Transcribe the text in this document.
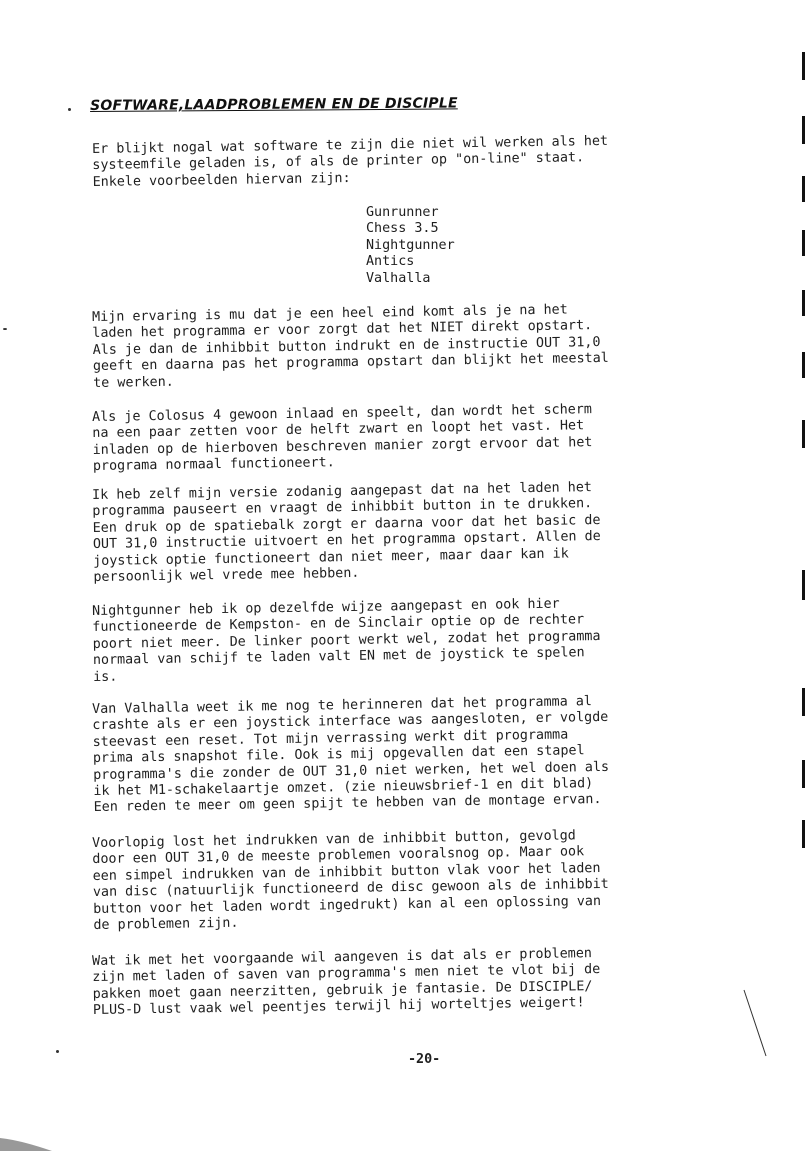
SOFTWARE,LAADPROBLEMEN EN DE DISCIPLE
Er blijkt nogal wat software te zijn die niet wil werken als het
systeemfile geladen is, of als de printer op "on-line" staat.
Enkele voorbeelden hiervan zijn:
Gunrunner
Chess 3.5
Nightgunner
Antics
Valhalla
Mijn ervaring is mu dat je een heel eind komt als je na het
laden het programma er voor zorgt dat het NIET direkt opstart.
Als je dan de inhibbit button indrukt en de instructie OUT 31,0
geeft en daarna pas het programma opstart dan blijkt het meestal
te werken.
Als je Colosus 4 gewoon inlaad en speelt, dan wordt het scherm
na een paar zetten voor de helft zwart en loopt het vast. Het
inladen op de hierboven beschreven manier zorgt ervoor dat het
programa normaal functioneert.
Ik heb zelf mijn versie zodanig aangepast dat na het laden het
programma pauseert en vraagt de inhibbit button in te drukken.
Een druk op de spatiebalk zorgt er daarna voor dat het basic de
OUT 31,0 instructie uitvoert en het programma opstart. Allen de
joystick optie functioneert dan niet meer, maar daar kan ik
persoonlijk wel vrede mee hebben.
Nightgunner heb ik op dezelfde wijze aangepast en ook hier
functioneerde de Kempston- en de Sinclair optie op de rechter
poort niet meer. De linker poort werkt wel, zodat het programma
normaal van schijf te laden valt EN met de joystick te spelen
is.
Van Valhalla weet ik me nog te herinneren dat het programma al
crashte als er een joystick interface was aangesloten, er volgde
steevast een reset. Tot mijn verrassing werkt dit programma
prima als snapshot file. Ook is mij opgevallen dat een stapel
programma's die zonder de OUT 31,0 niet werken, het wel doen als
ik het M1-schakelaartje omzet. (zie nieuwsbrief-1 en dit blad)
Een reden te meer om geen spijt te hebben van de montage ervan.
Voorlopig lost het indrukken van de inhibbit button, gevolgd
door een OUT 31,0 de meeste problemen vooralsnog op. Maar ook
een simpel indrukken van de inhibbit button vlak voor het laden
van disc (natuurlijk functioneerd de disc gewoon als de inhibbit
button voor het laden wordt ingedrukt) kan al een oplossing van
de problemen zijn.
Wat ik met het voorgaande wil aangeven is dat als er problemen
zijn met laden of saven van programma's men niet te vlot bij de
pakken moet gaan neerzitten, gebruik je fantasie. De DISCIPLE/
PLUS-D lust vaak wel peentjes terwijl hij worteltjes weigert!
-20-
